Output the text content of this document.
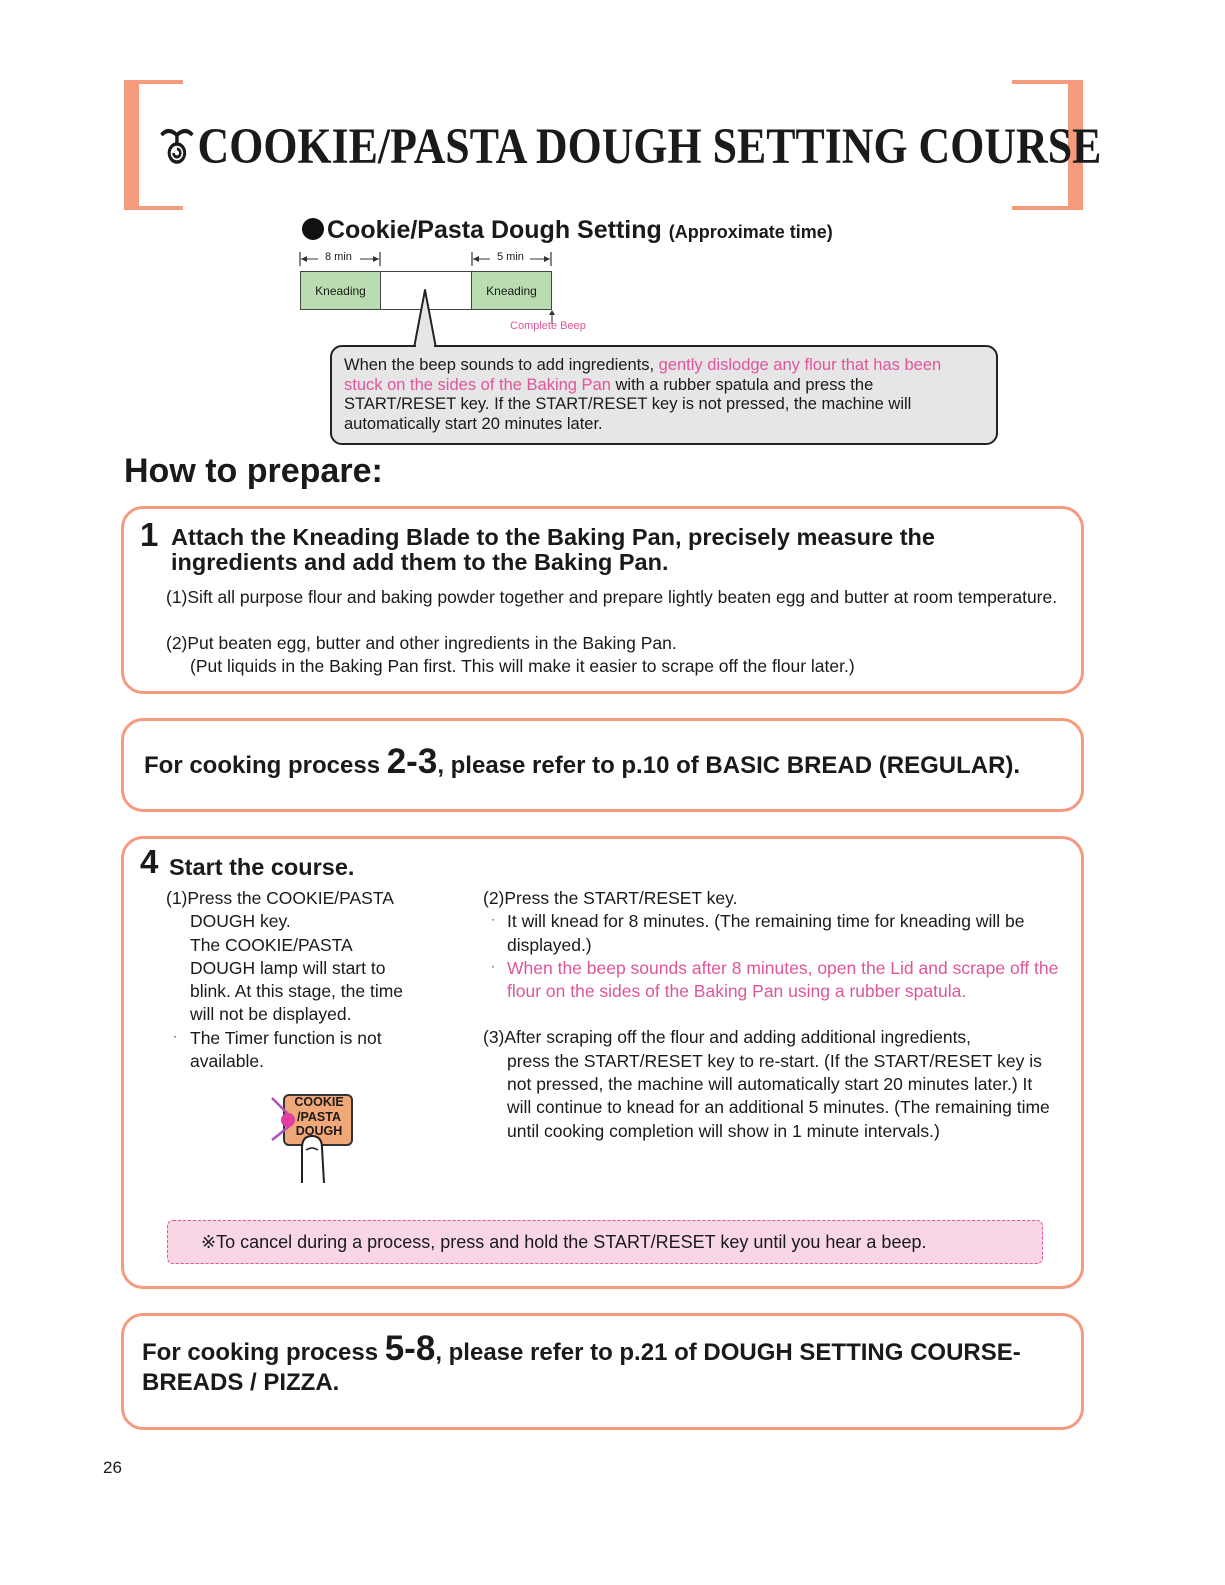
COOKIE/PASTA DOUGH SETTING COURSE
Cookie/Pasta Dough Setting (Approximate time)
8 min	5 min
Kneading	Kneading
Complete Beep
When the beep sounds to add ingredients, gently dislodge any flour that has been stuck on the sides of the Baking Pan with a rubber spatula and press the START/RESET key. If the START/RESET key is not pressed, the machine will automatically start 20 minutes later.
How to prepare:
1 Attach the Kneading Blade to the Baking Pan, precisely measure the ingredients and add them to the Baking Pan.
(1)Sift all purpose flour and baking powder together and prepare lightly beaten egg and butter at room temperature.
(2)Put beaten egg, butter and other ingredients in the Baking Pan.
(Put liquids in the Baking Pan first. This will make it easier to scrape off the flour later.)
For cooking process 2-3, please refer to p.10 of BASIC BREAD (REGULAR).
4 Start the course.
(1)Press the COOKIE/PASTA
DOUGH key.
The COOKIE/PASTA
DOUGH lamp will start to
blink. At this stage, the time
will not be displayed.
· The Timer function is not
available.
COOKIE
/PASTA
DOUGH
(2)Press the START/RESET key.
· It will knead for 8 minutes. (The remaining time for kneading will be displayed.)
· When the beep sounds after 8 minutes, open the Lid and scrape off the flour on the sides of the Baking Pan using a rubber spatula.
(3)After scraping off the flour and adding additional ingredients,
press the START/RESET key to re-start. (If the START/RESET key is not pressed, the machine will automatically start 20 minutes later.) It will continue to knead for an additional 5 minutes. (The remaining time until cooking completion will show in 1 minute intervals.)
※To cancel during a process, press and hold the START/RESET key until you hear a beep.
For cooking process 5-8, please refer to p.21 of DOUGH SETTING COURSE-
BREADS / PIZZA.
26
